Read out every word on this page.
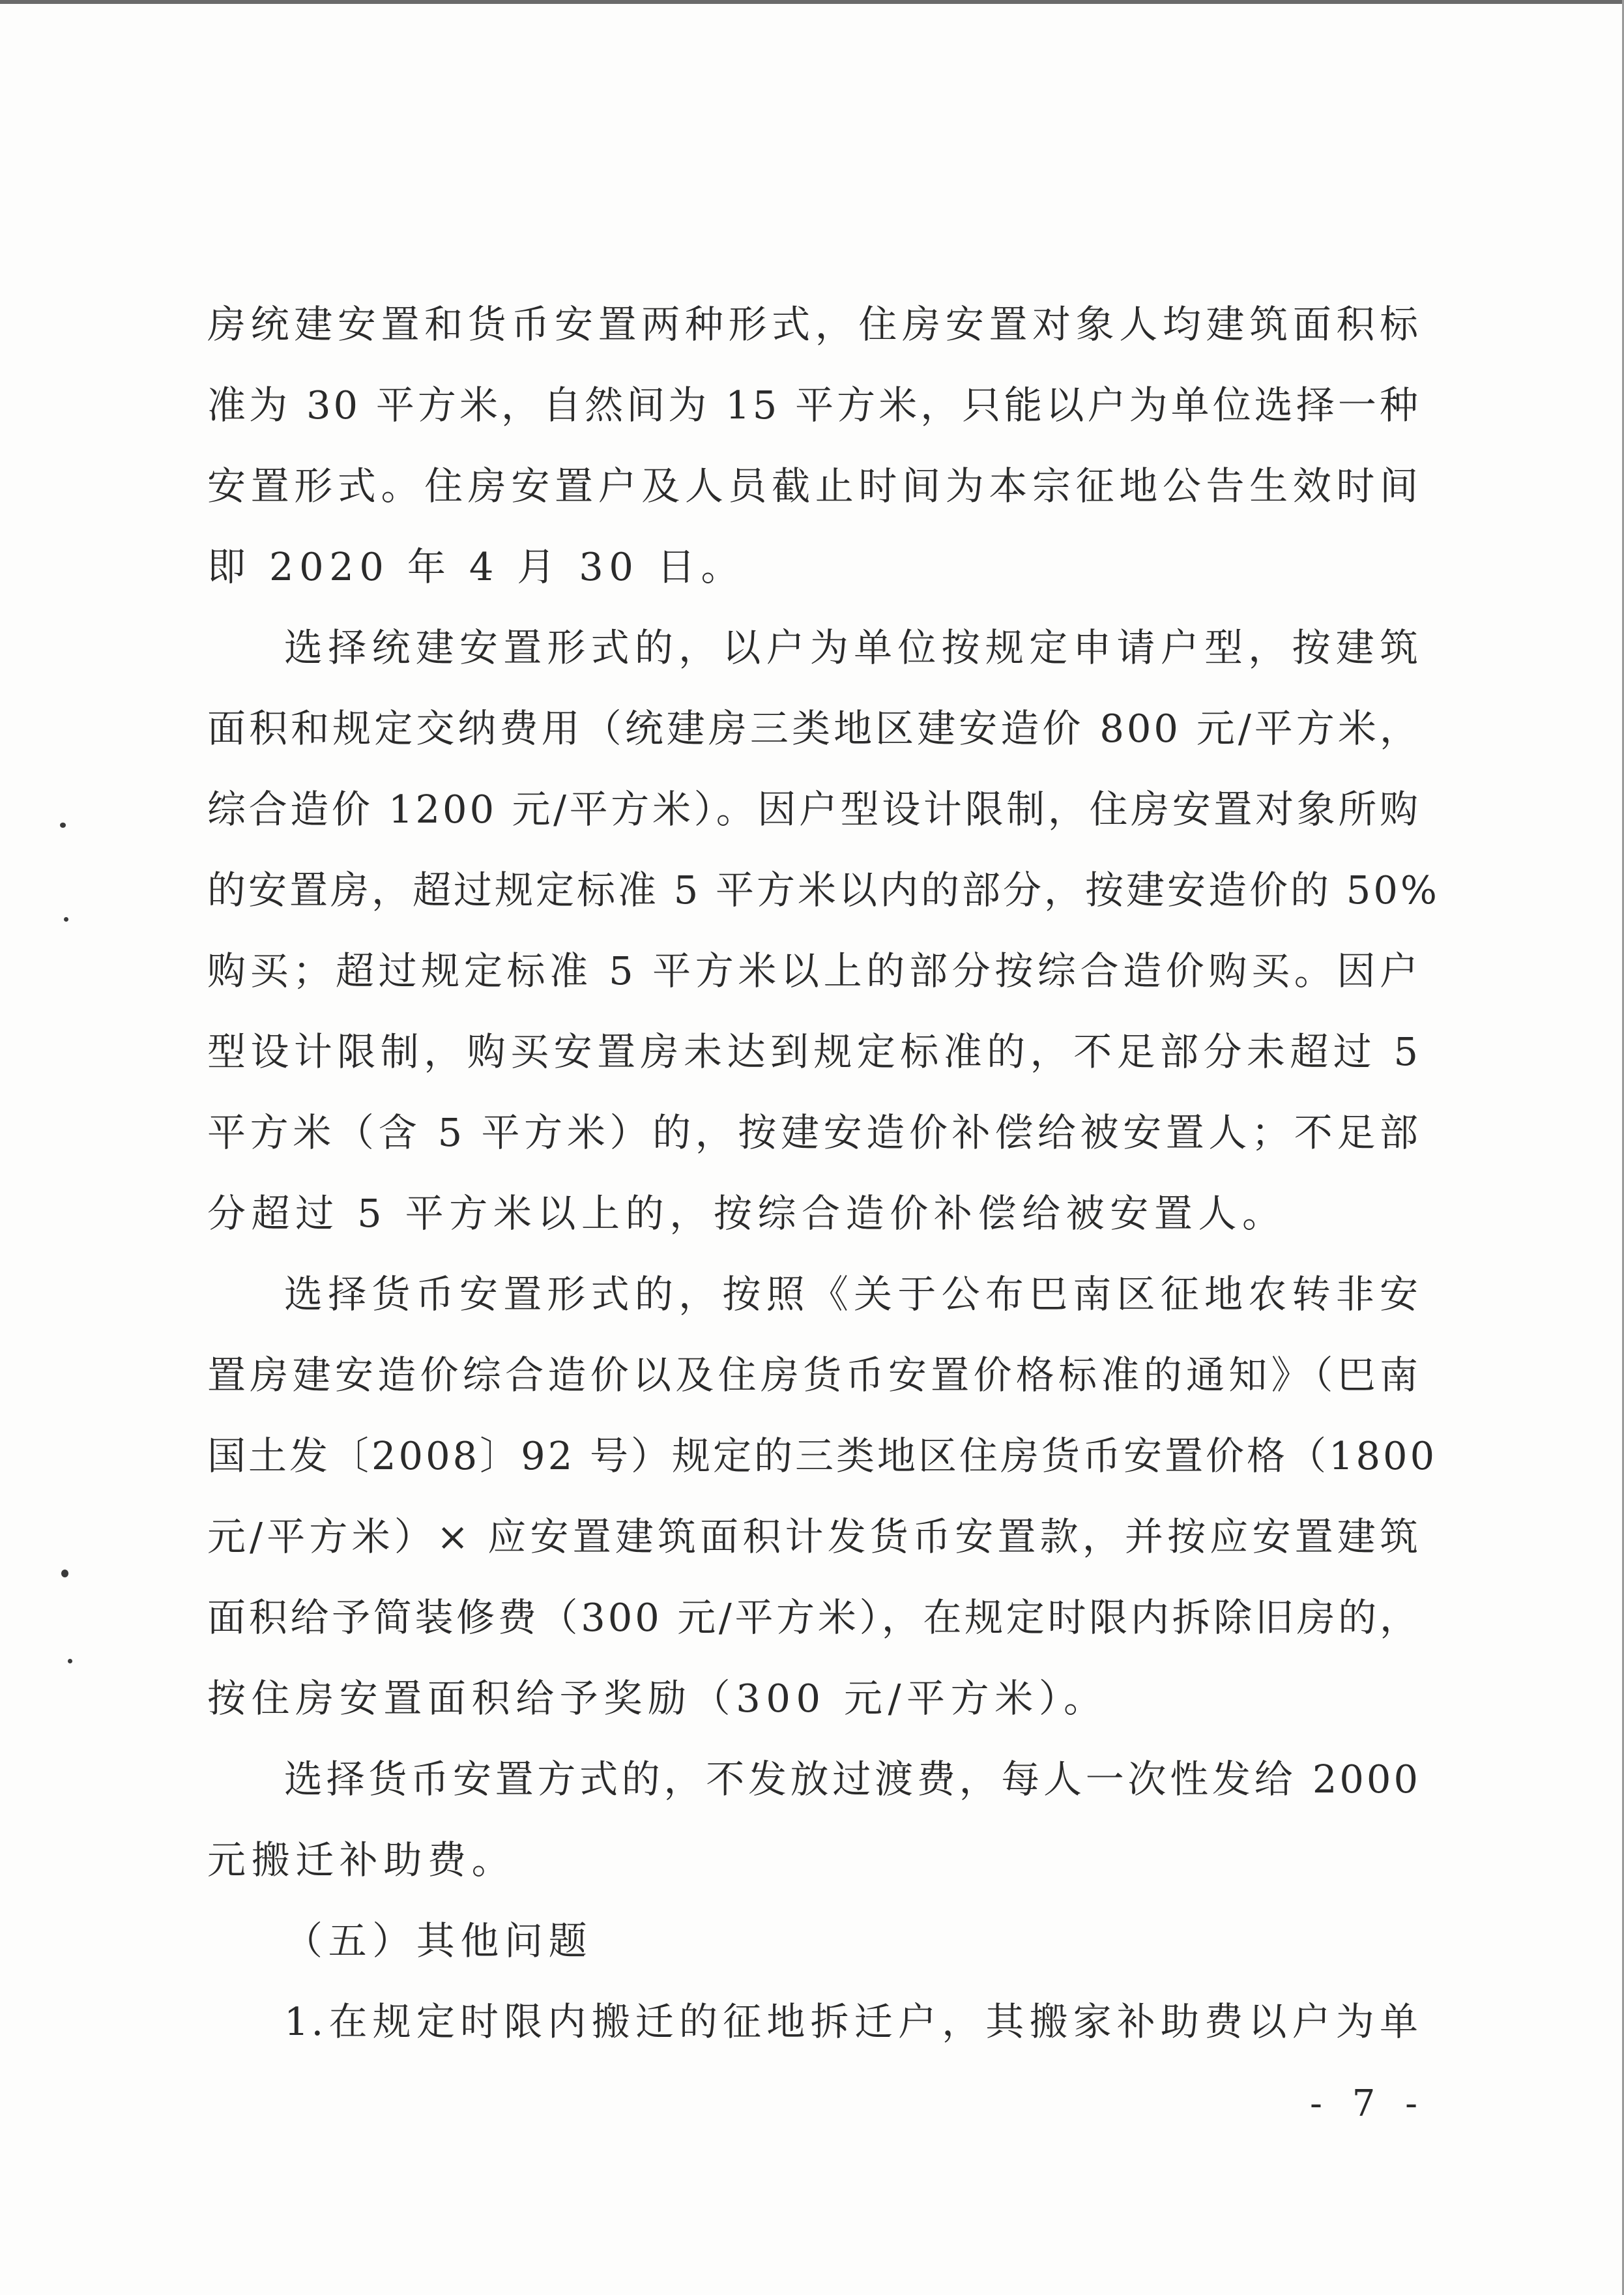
房统建安置和货币安置两种形式，住房安置对象人均建筑面积标
准为 30 平方米，自然间为 15 平方米，只能以户为单位选择一种
安置形式。住房安置户及人员截止时间为本宗征地公告生效时间
即 2020 年 4 月 30 日。
选择统建安置形式的，以户为单位按规定申请户型，按建筑
面积和规定交纳费用（统建房三类地区建安造价 800 元/平方米，
综合造价 1200 元/平方米）。因户型设计限制，住房安置对象所购
的安置房，超过规定标准 5 平方米以内的部分，按建安造价的 50%
购买；超过规定标准 5 平方米以上的部分按综合造价购买。因户
型设计限制，购买安置房未达到规定标准的，不足部分未超过 5
平方米（含 5 平方米）的，按建安造价补偿给被安置人；不足部
分超过 5 平方米以上的，按综合造价补偿给被安置人。
选择货币安置形式的，按照《关于公布巴南区征地农转非安
置房建安造价综合造价以及住房货币安置价格标准的通知》（巴南
国土发〔2008〕92 号）规定的三类地区住房货币安置价格（1800
元/平方米）× 应安置建筑面积计发货币安置款，并按应安置建筑
面积给予简装修费（300 元/平方米），在规定时限内拆除旧房的，
按住房安置面积给予奖励（300 元/平方米）。
选择货币安置方式的，不发放过渡费，每人一次性发给 2000
元搬迁补助费。
（五）其他问题
1.在规定时限内搬迁的征地拆迁户，其搬家补助费以户为单
- 7 -
